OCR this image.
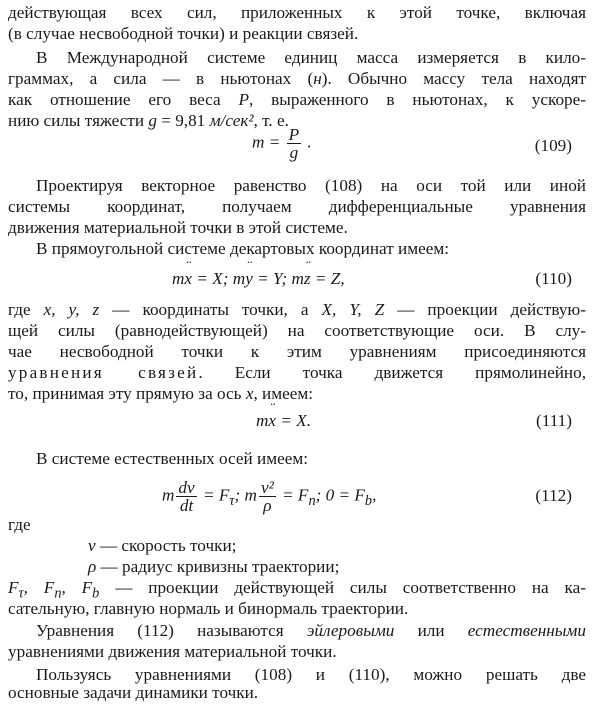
действующая всех сил, приложенных к этой точке, включая
(в случае несвободной точки) и реакции связей.
В Международной системе единиц масса измеряется в кило-
граммах, а сила — в ньютонах (н). Обычно массу тела находят
как отношение его веса P, выраженного в ньютонах, к ускоре-
нию силы тяжести g = 9,81 м/сек², т. е.
$m = \frac{P}{g}$ .	(109)
Проектируя векторное равенство (108) на оси той или иной
системы координат, получаем дифференциальные уравнения
движения материальной точки в этой системе.
В прямоугольной системе декартовых координат имеем:
mx ¨ = X; my ¨ = Y; mz ¨ = Z,	(110)
где x, y, z — координаты точки, а X, Y, Z — проекции действую-
щей силы (равнодействующей) на соответствующие оси. В слу-
чае несвободной точки к этим уравнениям присоединяются
уравнения связей. Если точка движется прямолинейно,
то, принимая эту прямую за ось x, имеем:
mx ¨ = X.	(111)
В системе естественных осей имеем:
m $\frac{dv}{dt} = F_\tau$; m $\frac{\text{v²}}{\rho} = F_n$; $0 = F_b$,	(112)
где
v — скорость точки;
ρ — радиус кривизны траектории;
$F_\tau$, $F_n$, $F_b$ — проекции действующей силы соответственно на ка-
сательную, главную нормаль и бинормаль траектории.
Уравнения (112) называются эйлеровыми или естественными
уравнениями движения материальной точки.
Пользуясь уравнениями (108) и (110), можно решать две
основные задачи динамики точки.
